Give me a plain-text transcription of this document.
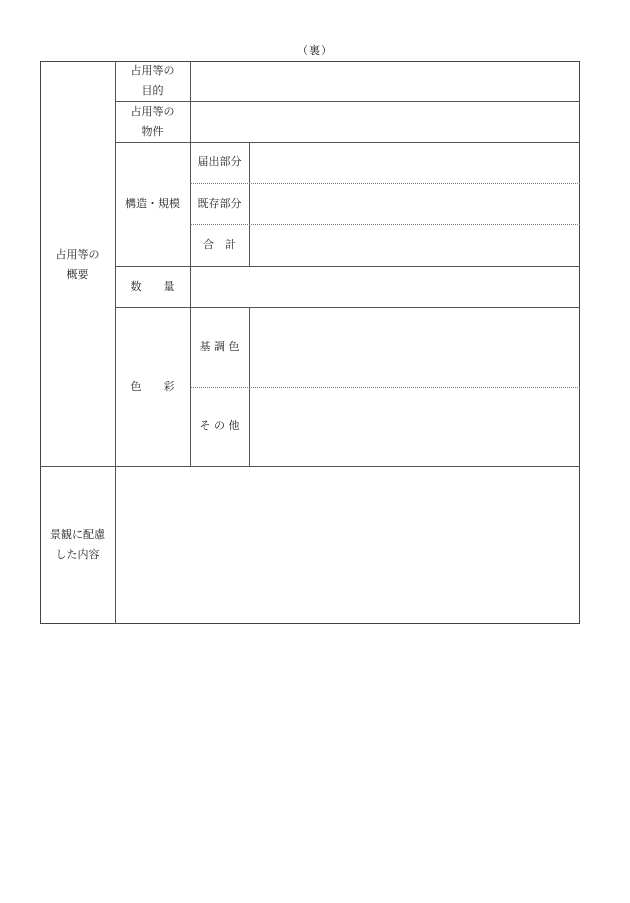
（裏）
占用等の
概要
占用等の
目的
占用等の
物件
構造・規模
届出部分
既存部分
合　計
数　　量
色　　彩
基 調 色
そ の 他
景観に配慮
した内容
